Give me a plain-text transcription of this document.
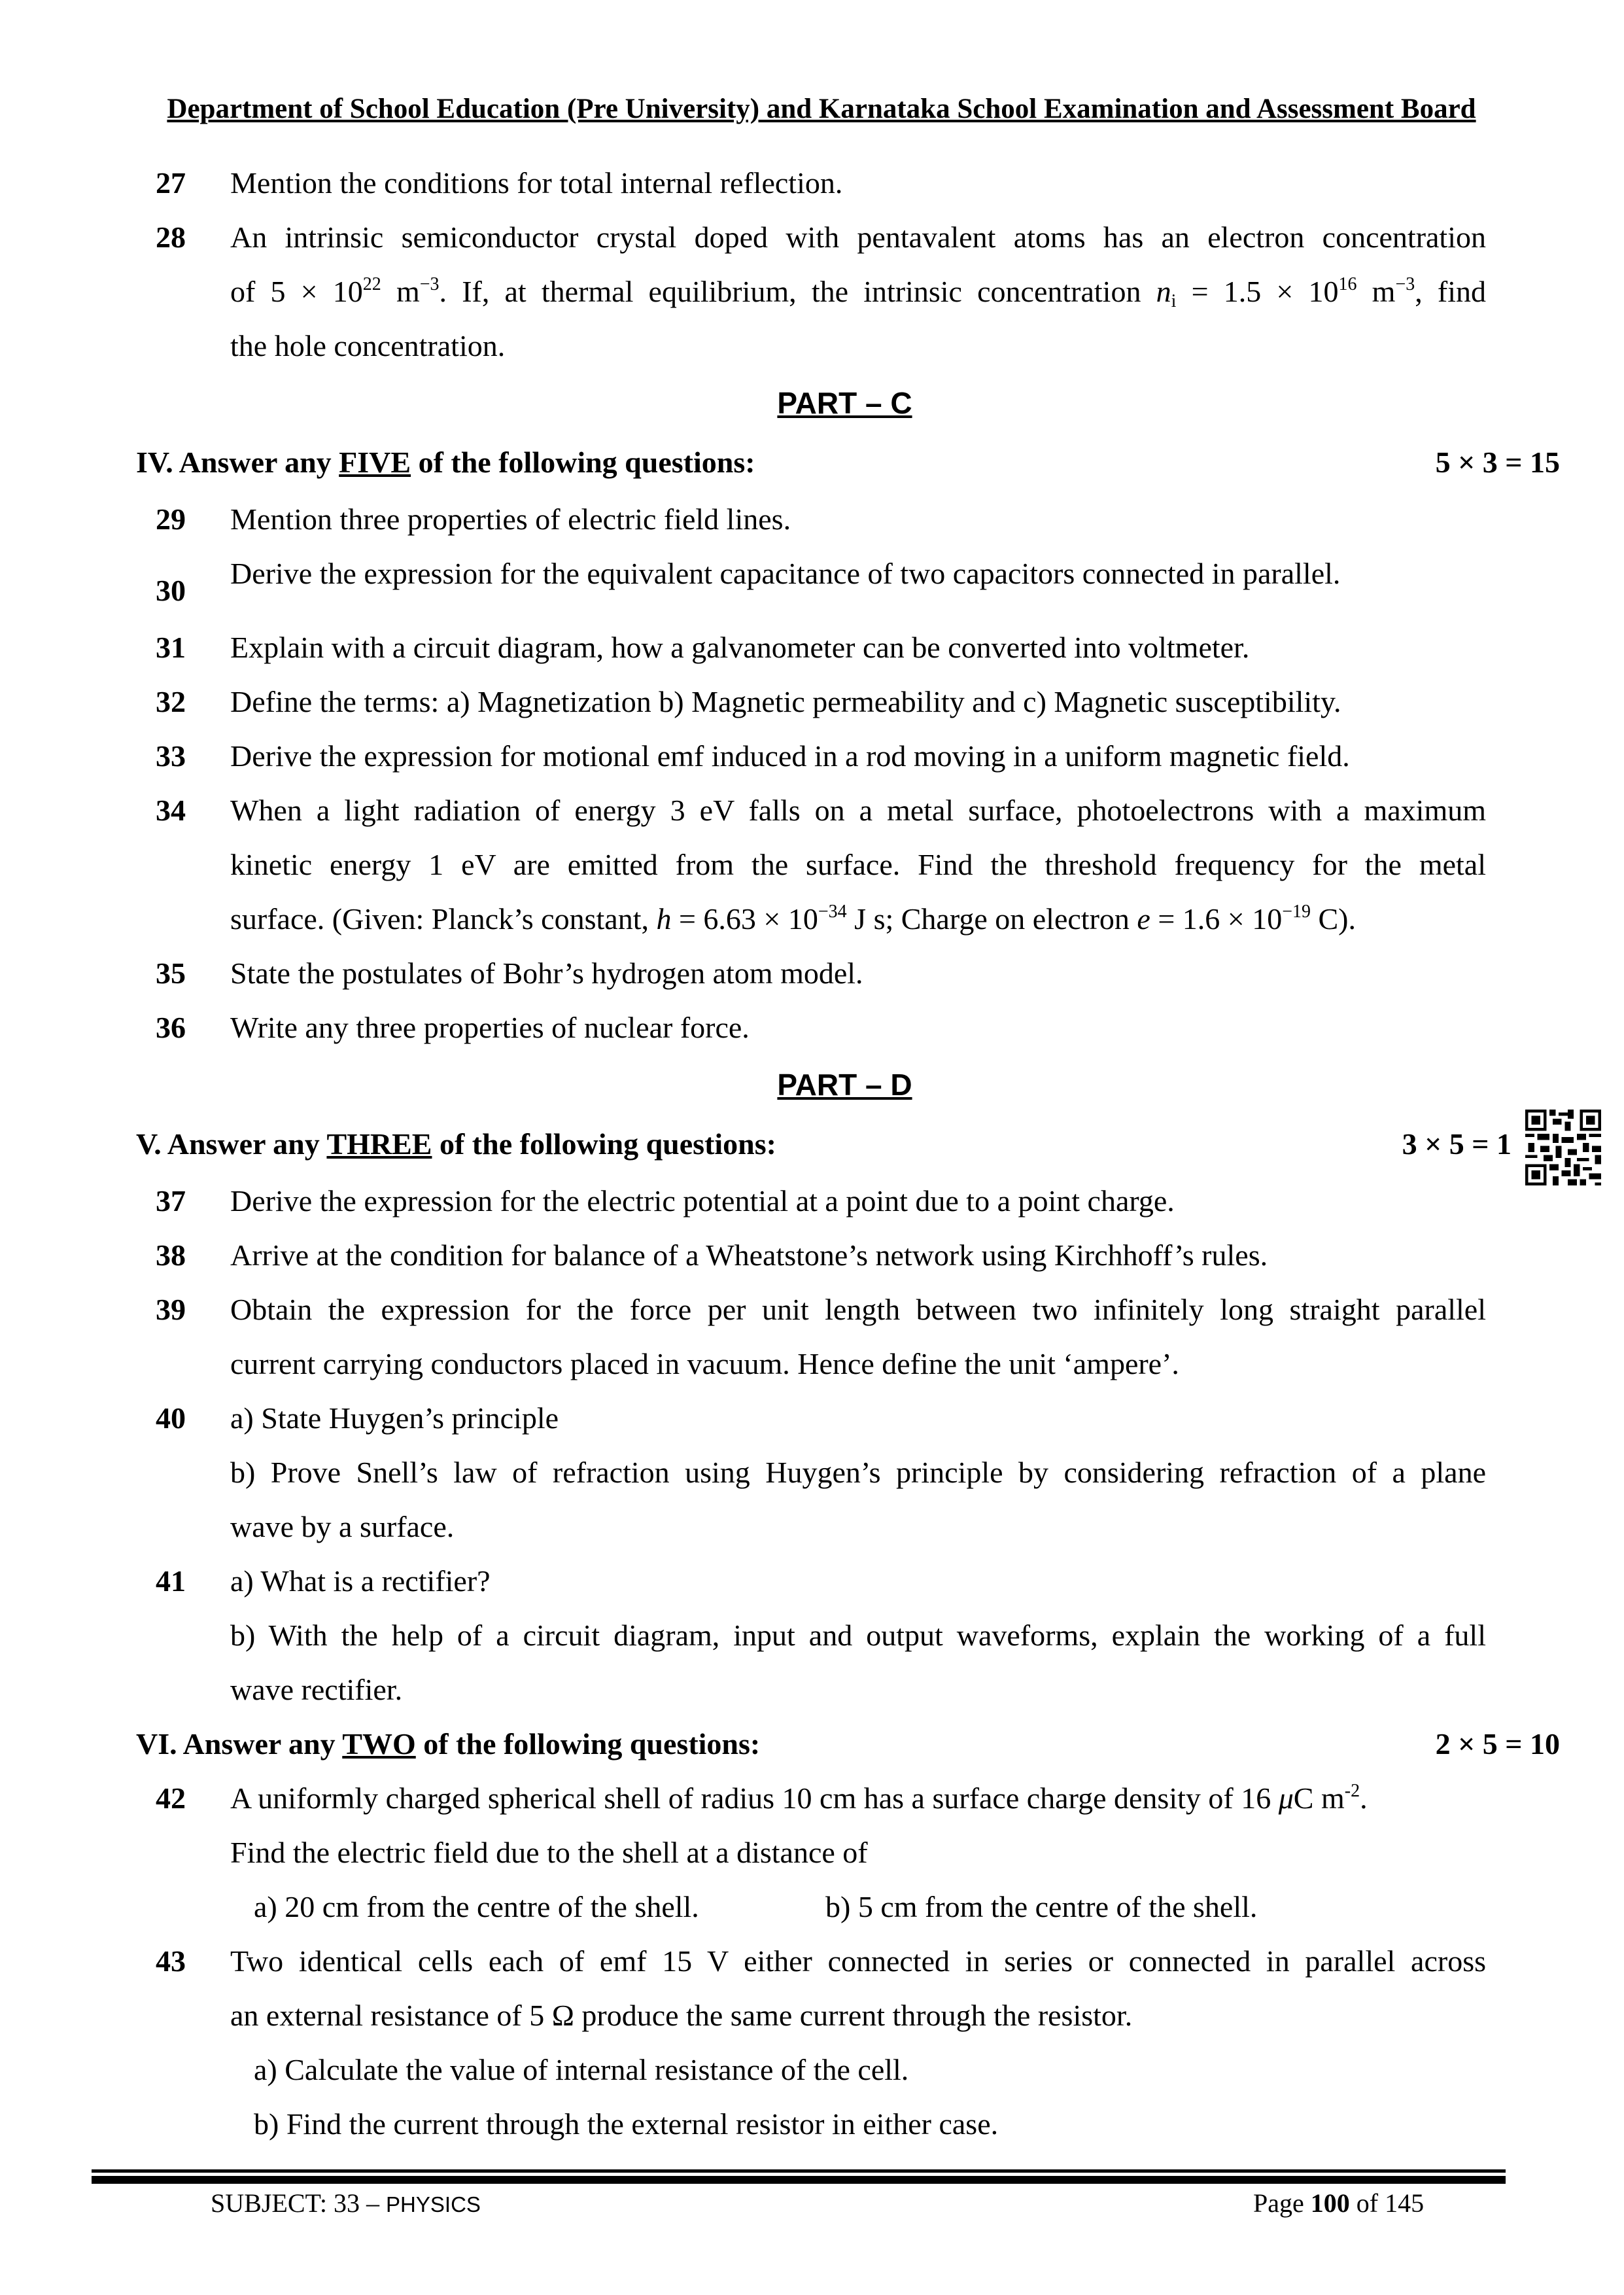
Department of School Education (Pre University) and Karnataka School Examination and Assessment Board
27 Mention the conditions for total internal reflection.
28 An intrinsic semiconductor crystal doped with pentavalent atoms has an electron concentration
of $5 \times 10^{22}$ $m^{-3}$. If, at thermal equilibrium, the intrinsic concentration $n_i = 1.5 \times 10^{16}$ $m^{-3}$, find
the hole concentration.
PART – C
IV. Answer any FIVE of the following questions:	5 × 3 = 15
29 Mention three properties of electric field lines.
30
Derive the expression for the equivalent capacitance of two capacitors connected in parallel.
31 Explain with a circuit diagram, how a galvanometer can be converted into voltmeter.
32 Define the terms: a) Magnetization b) Magnetic permeability and c) Magnetic susceptibility.
33 Derive the expression for motional emf induced in a rod moving in a uniform magnetic field.
34 When a light radiation of energy 3 eV falls on a metal surface, photoelectrons with a maximum
kinetic energy 1 eV are emitted from the surface. Find the threshold frequency for the metal
surface. (Given: Planck’s constant, $h = 6.63 \times 10^{-34}$ J s; Charge on electron $e = 1.6 \times 10^{-19}$ C).
35 State the postulates of Bohr’s hydrogen atom model.
36 Write any three properties of nuclear force.
PART – D
V. Answer any THREE of the following questions:	3 × 5 = 1
37 Derive the expression for the electric potential at a point due to a point charge.
38 Arrive at the condition for balance of a Wheatstone’s network using Kirchhoff’s rules.
39 Obtain the expression for the force per unit length between two infinitely long straight parallel
current carrying conductors placed in vacuum. Hence define the unit ‘ampere’.
40 a) State Huygen’s principle
b) Prove Snell’s law of refraction using Huygen’s principle by considering refraction of a plane
wave by a surface.
41 a) What is a rectifier?
b) With the help of a circuit diagram, input and output waveforms, explain the working of a full
wave rectifier.
VI. Answer any TWO of the following questions:	2 × 5 = 10
42 A uniformly charged spherical shell of radius 10 cm has a surface charge density of 16 μC $m^{-2}$.
Find the electric field due to the shell at a distance of
a) 20 cm from the centre of the shell.	b) 5 cm from the centre of the shell.
43 Two identical cells each of emf 15 V either connected in series or connected in parallel across
an external resistance of 5 Ω produce the same current through the resistor.
a) Calculate the value of internal resistance of the cell.
b) Find the current through the external resistor in either case.
SUBJECT: 33 – PHYSICS	Page 100 of 145
